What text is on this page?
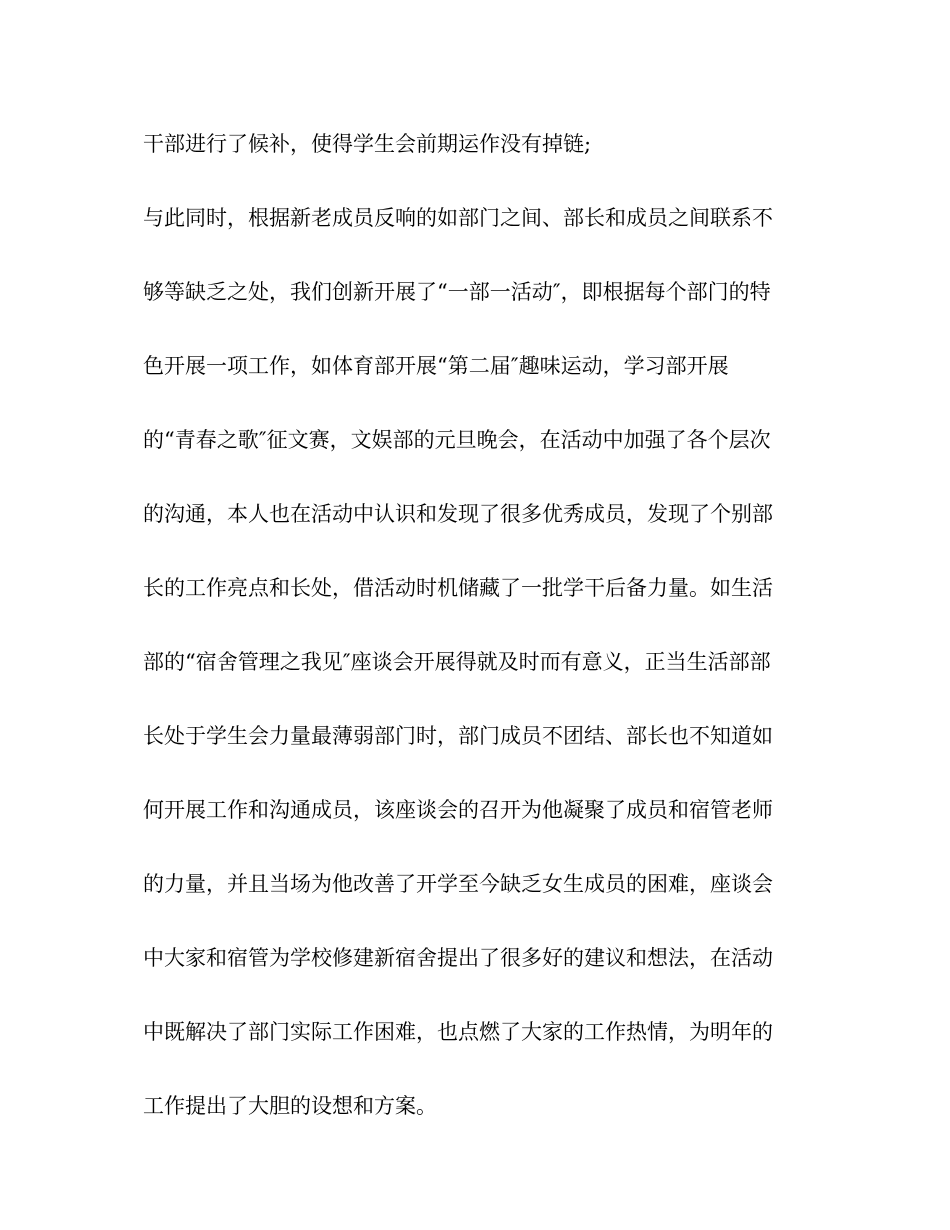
干部进行了候补，使得学生会前期运作没有掉链;
与此同时，根据新老成员反响的如部门之间、部长和成员之间联系不
够等缺乏之处，我们创新开展了“一部一活动″，即根据每个部门的特
色开展一项工作，如体育部开展“第二届″趣味运动，学习部开展
的“青春之歌″征文赛，文娱部的元旦晚会，在活动中加强了各个层次
的沟通，本人也在活动中认识和发现了很多优秀成员，发现了个别部
长的工作亮点和长处，借活动时机储藏了一批学干后备力量。如生活
部的“宿舍管理之我见″座谈会开展得就及时而有意义，正当生活部部
长处于学生会力量最薄弱部门时，部门成员不团结、部长也不知道如
何开展工作和沟通成员，该座谈会的召开为他凝聚了成员和宿管老师
的力量，并且当场为他改善了开学至今缺乏女生成员的困难，座谈会
中大家和宿管为学校修建新宿舍提出了很多好的建议和想法，在活动
中既解决了部门实际工作困难，也点燃了大家的工作热情，为明年的
工作提出了大胆的设想和方案。
